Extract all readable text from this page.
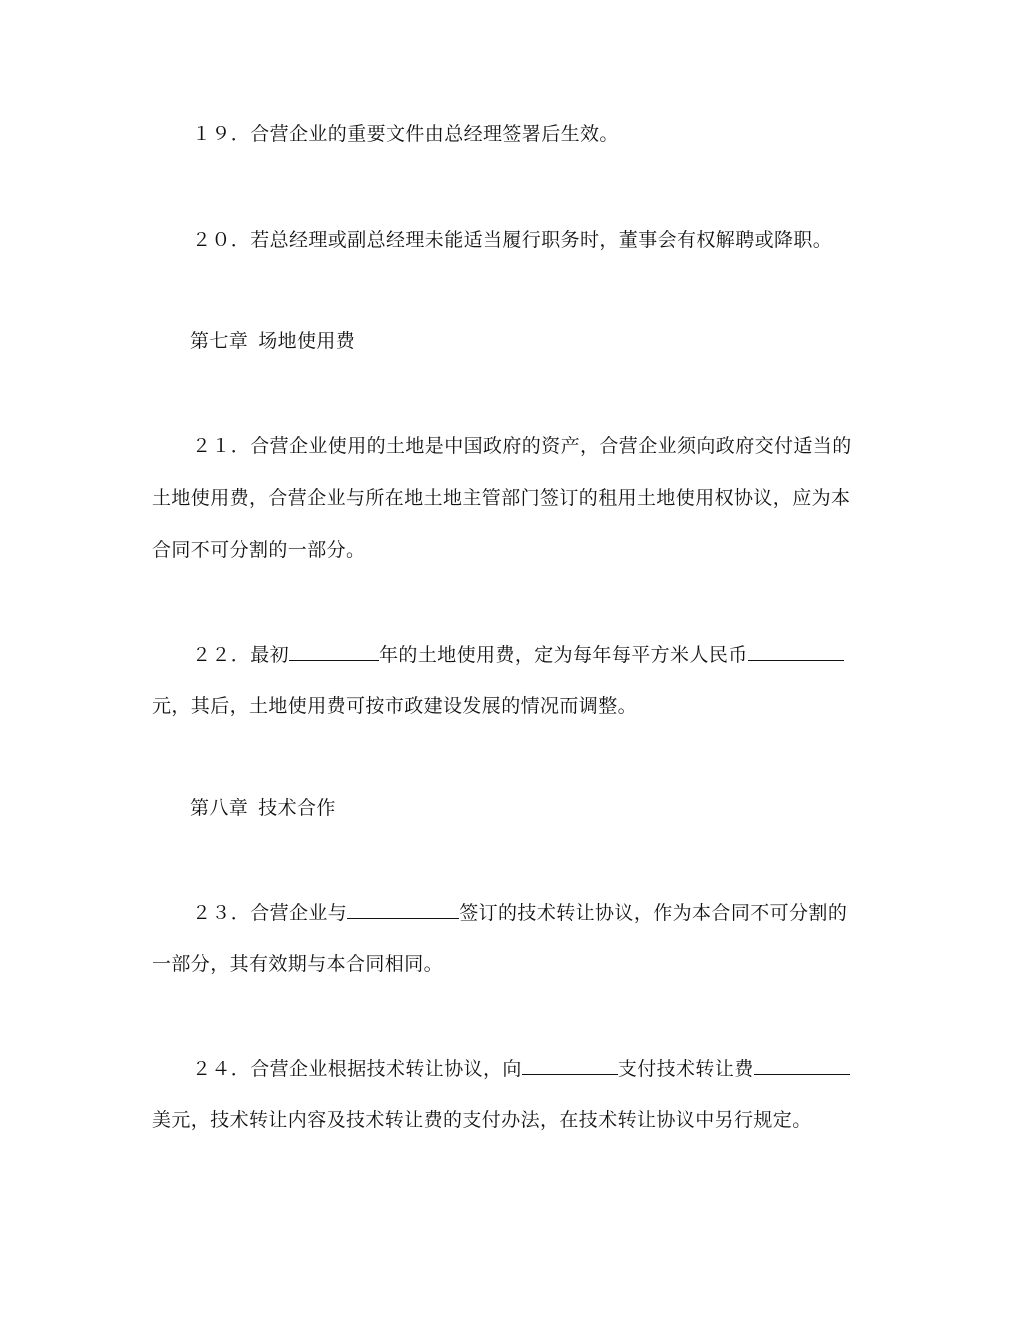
１９．合营企业的重要文件由总经理签署后生效。
２０．若总经理或副总经理未能适当履行职务时，董事会有权解聘或降职。
第七章 场地使用费
２１．合营企业使用的土地是中国政府的资产，合营企业须向政府交付适当的
土地使用费，合营企业与所在地土地主管部门签订的租用土地使用权协议，应为本
合同不可分割的一部分。
２２．最初	年的土地使用费，定为每年每平方米人民币
元，其后，土地使用费可按市政建设发展的情况而调整。
第八章 技术合作
２３．合营企业与	签订的技术转让协议，作为本合同不可分割的
一部分，其有效期与本合同相同。
２４．合营企业根据技术转让协议，向	支付技术转让费
美元，技术转让内容及技术转让费的支付办法，在技术转让协议中另行规定。
